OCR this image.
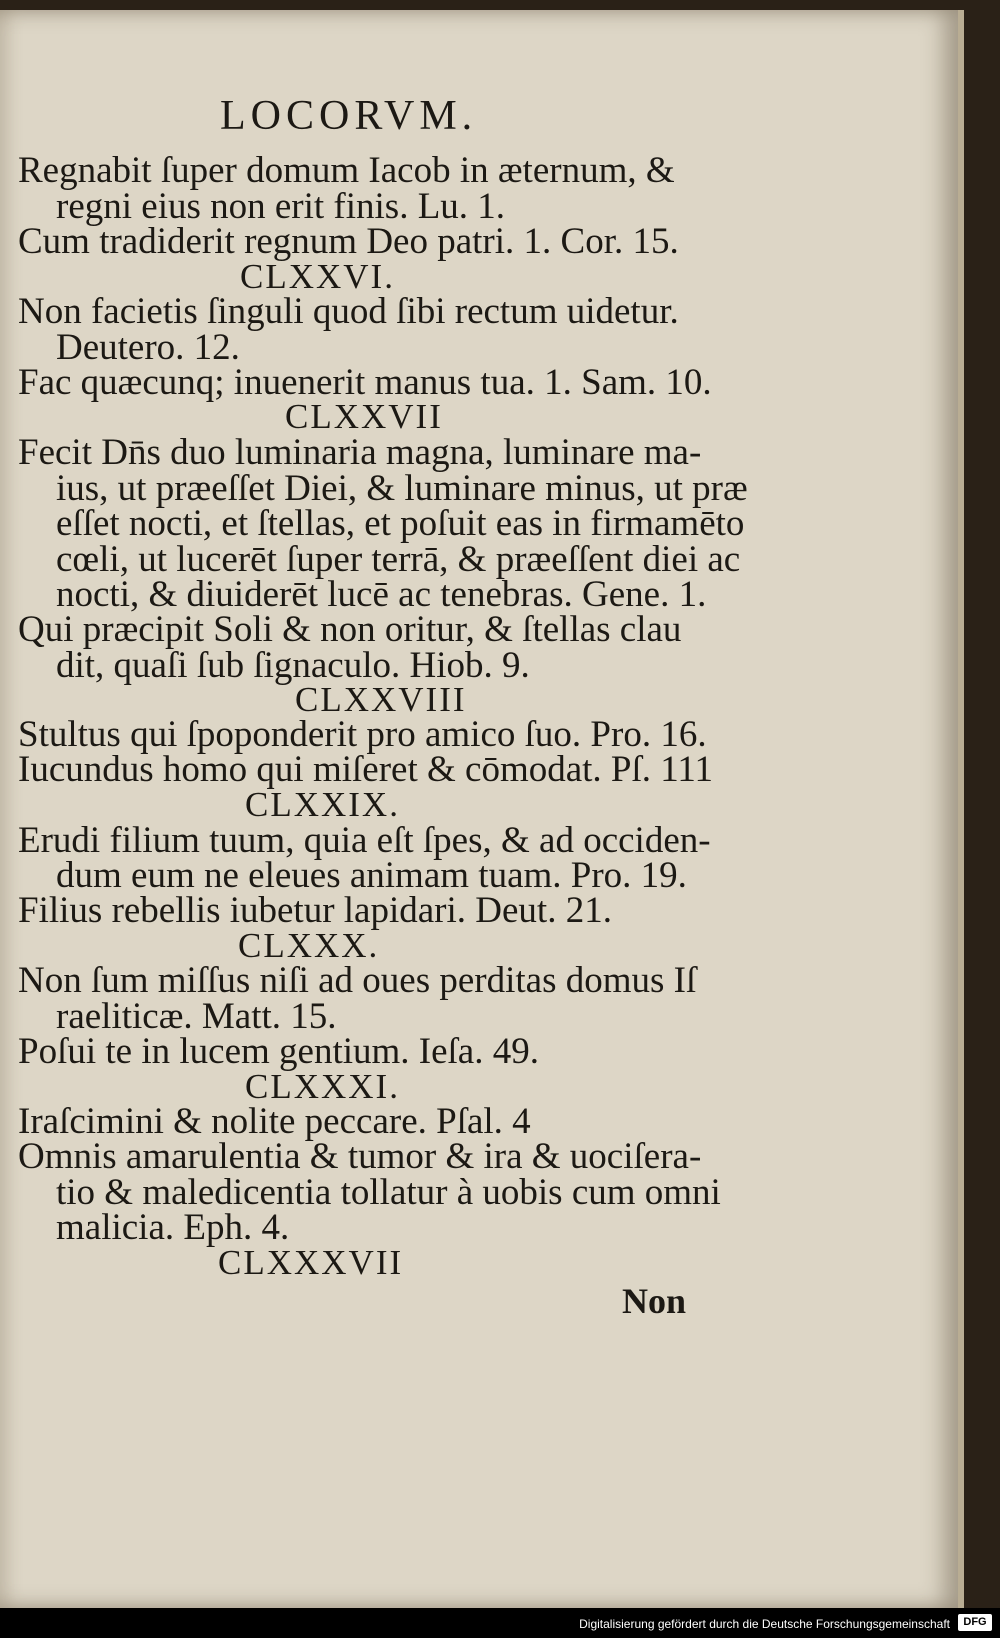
LOCORVM.
Regnabit ſuper domum Iacob in æternum, &
regni eius non erit finis. Lu. 1.
Cum tradiderit regnum Deo patri. 1. Cor. 15.
CLXXVI.
Non facietis ſinguli quod ſibi rectum uidetur.
Deutero. 12.
Fac quæcunq; inuenerit manus tua. 1. Sam. 10.
CLXXVII
Fecit Dn̄s duo luminaria magna, luminare ma-
ius, ut præeſſet Diei, & luminare minus, ut præ
eſſet nocti, et ſtellas, et poſuit eas in firmamēto
cœli, ut lucerēt ſuper terrā, & præeſſent diei ac
nocti, & diuiderēt lucē ac tenebras. Gene. 1.
Qui præcipit Soli & non oritur, & ſtellas clau
dit, quaſi ſub ſignaculo. Hiob. 9.
CLXXVIII
Stultus qui ſpoponderit pro amico ſuo. Pro. 16.
Iucundus homo qui miſeret & cōmodat. Pſ. 111
CLXXIX.
Erudi filium tuum, quia eſt ſpes, & ad occiden-
dum eum ne eleues animam tuam. Pro. 19.
Filius rebellis iubetur lapidari. Deut. 21.
CLXXX.
Non ſum miſſus niſi ad oues perditas domus Iſ
raeliticæ. Matt. 15.
Poſui te in lucem gentium. Ieſa. 49.
CLXXXI.
Iraſcimini & nolite peccare. Pſal. 4
Omnis amarulentia & tumor & ira & uociſera-
tio & maledicentia tollatur à uobis cum omni
malicia. Eph. 4.
CLXXXVII
Non
Digitalisierung gefördert durch die Deutsche Forschungsgemeinschaft	DFG
